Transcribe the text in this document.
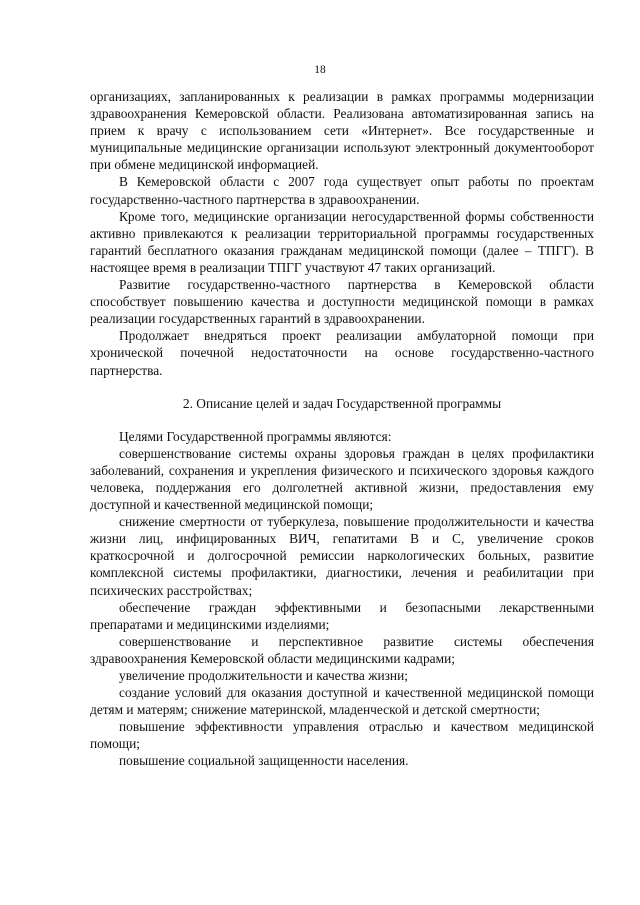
18

организациях, запланированных к реализации в рамках программы модернизации здравоохранения Кемеровской области. Реализована автоматизированная запись на прием к врачу с использованием сети «Интернет». Все государственные и муниципальные медицинские организации используют электронный документооборот при обмене медицинской информацией.

В Кемеровской области с 2007 года существует опыт работы по проектам государственно-частного партнерства в здравоохранении.

Кроме того, медицинские организации негосударственной формы собственности активно привлекаются к реализации территориальной программы государственных гарантий бесплатного оказания гражданам медицинской помощи (далее – ТПГГ). В настоящее время в реализации ТПГГ участвуют 47 таких организаций.

Развитие государственно-частного партнерства в Кемеровской области способствует повышению качества и доступности медицинской помощи в рамках реализации государственных гарантий в здравоохранении.

Продолжает внедряться проект реализации амбулаторной помощи при хронической почечной недостаточности на основе государственно-частного партнерства.

2. Описание целей и задач Государственной программы

Целями Государственной программы являются:

совершенствование системы охраны здоровья граждан в целях профилактики заболеваний, сохранения и укрепления физического и психического здоровья каждого человека, поддержания его долголетней активной жизни, предоставления ему доступной и качественной медицинской помощи;

снижение смертности от туберкулеза, повышение продолжительности и качества жизни лиц, инфицированных ВИЧ, гепатитами В и С, увеличение сроков краткосрочной и долгосрочной ремиссии наркологических больных, развитие комплексной системы профилактики, диагностики, лечения и реабилитации при психических расстройствах;

обеспечение граждан эффективными и безопасными лекарственными препаратами и медицинскими изделиями;

совершенствование и перспективное развитие системы обеспечения здравоохранения Кемеровской области медицинскими кадрами;

увеличение продолжительности и качества жизни;

создание условий для оказания доступной и качественной медицинской помощи детям и матерям; снижение материнской, младенческой и детской смертности;

повышение эффективности управления отраслью и качеством медицинской помощи;

повышение социальной защищенности населения.
